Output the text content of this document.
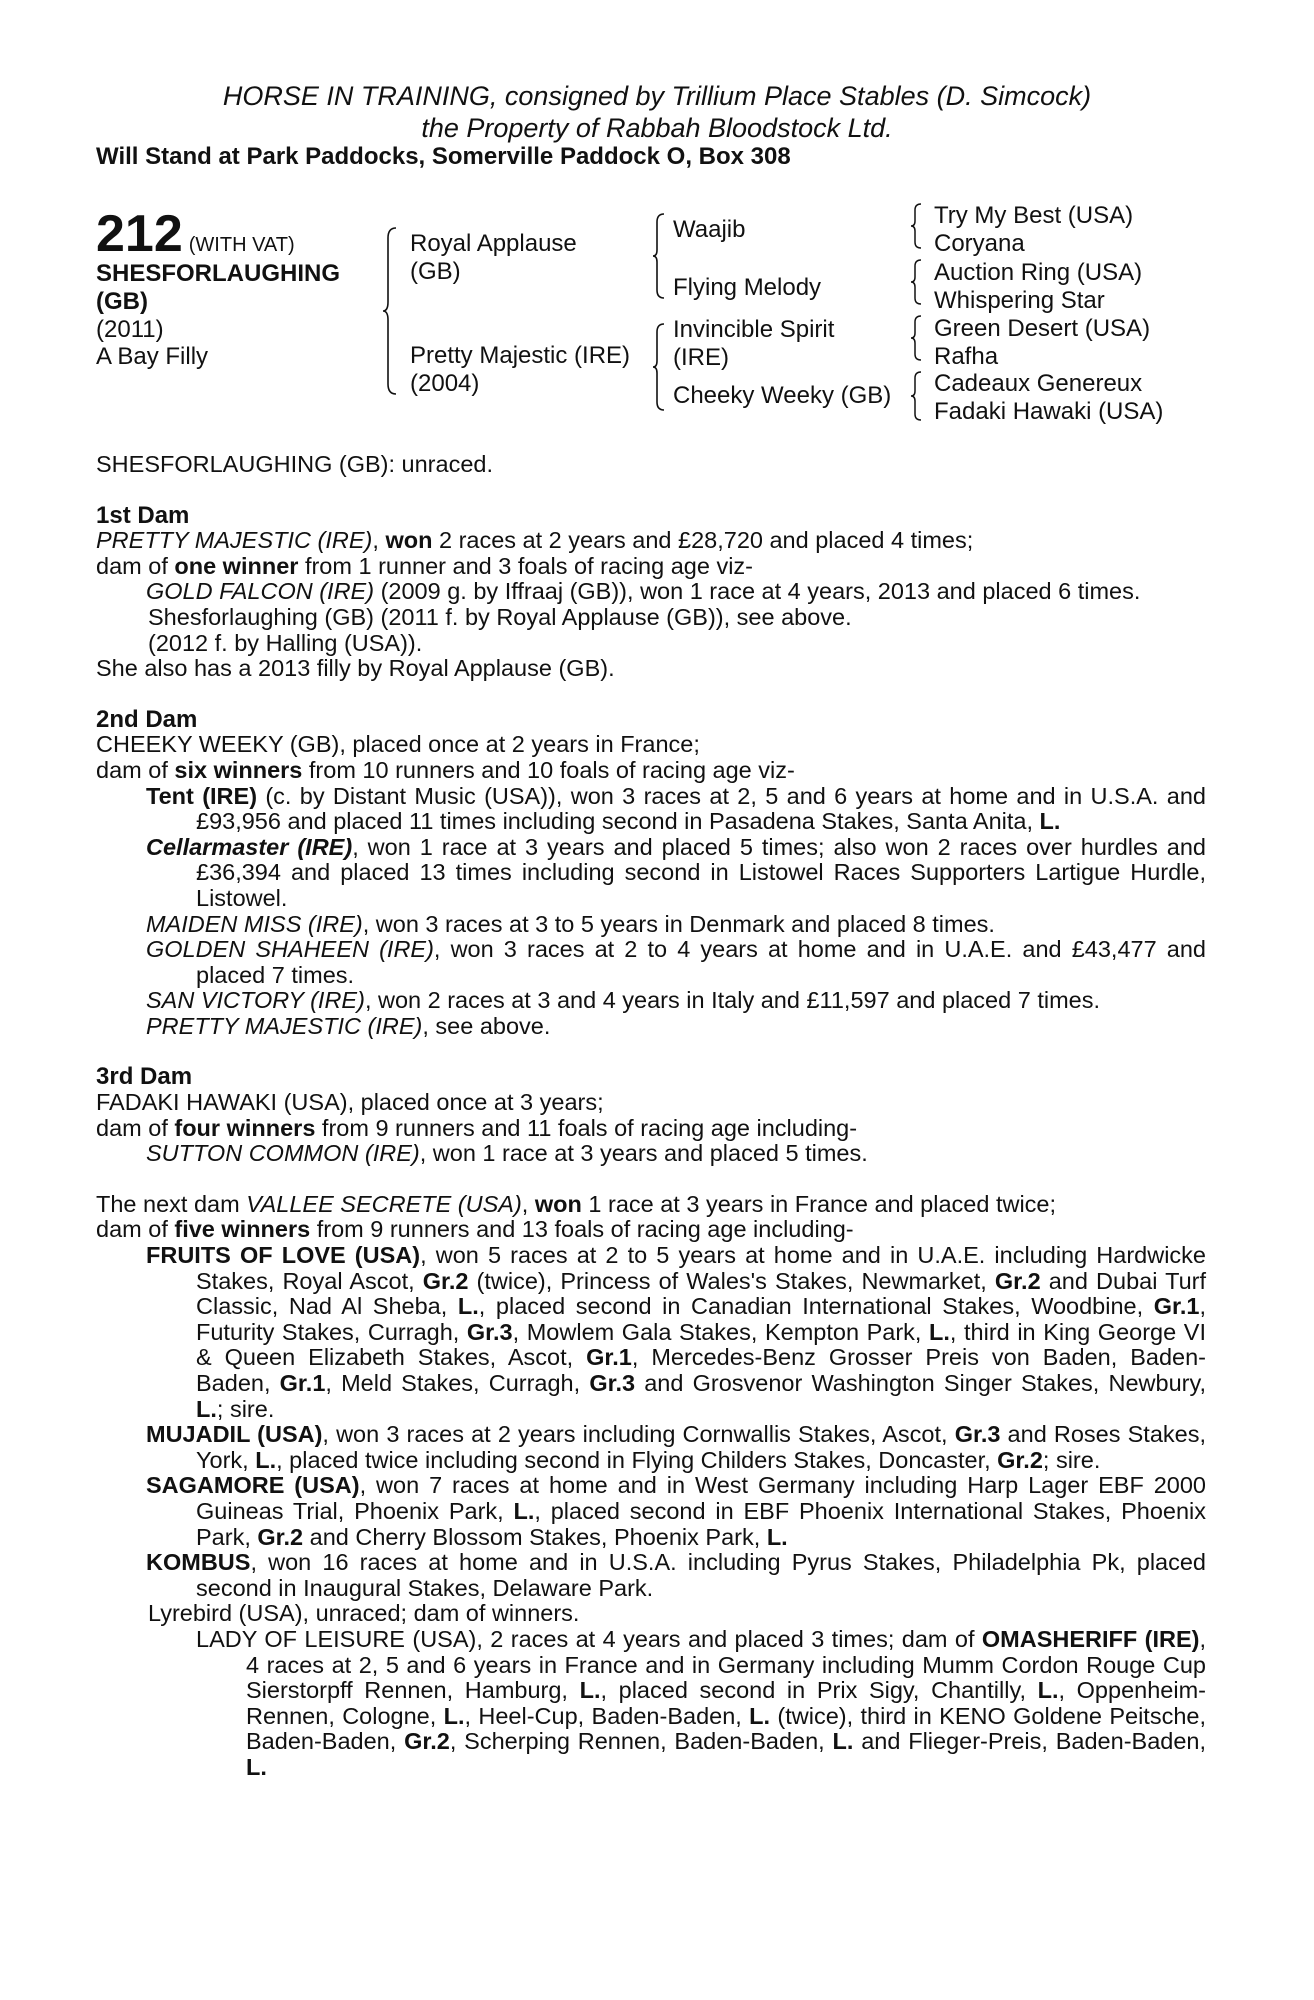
HORSE IN TRAINING, consigned by Trillium Place Stables (D. Simcock)
the Property of Rabbah Bloodstock Ltd.
Will Stand at Park Paddocks, Somerville Paddock O, Box 308
212 (WITH VAT)
SHESFORLAUGHING
(GB)
(2011)
A Bay Filly
Royal Applause
(GB)
Pretty Majestic (IRE)
(2004)
Waajib
Flying Melody
Invincible Spirit
(IRE)
Cheeky Weeky (GB)
Try My Best (USA)
Coryana
Auction Ring (USA)
Whispering Star
Green Desert (USA)
Rafha
Cadeaux Genereux
Fadaki Hawaki (USA)

SHESFORLAUGHING (GB): unraced.

1st Dam

PRETTY MAJESTIC (IRE), won 2 races at 2 years and £28,720 and placed 4 times;

dam of one winner from 1 runner and 3 foals of racing age viz-

GOLD FALCON (IRE) (2009 g. by Iffraaj (GB)), won 1 race at 4 years, 2013 and placed 6 times.

Shesforlaughing (GB) (2011 f. by Royal Applause (GB)), see above.

(2012 f. by Halling (USA)).

She also has a 2013 filly by Royal Applause (GB).

2nd Dam

CHEEKY WEEKY (GB), placed once at 2 years in France;

dam of six winners from 10 runners and 10 foals of racing age viz-

Tent (IRE) (c. by Distant Music (USA)), won 3 races at 2, 5 and 6 years at home and in U.S.A. and £93,956 and placed 11 times including second in Pasadena Stakes, Santa Anita, L.

Cellarmaster (IRE), won 1 race at 3 years and placed 5 times; also won 2 races over hurdles and £36,394 and placed 13 times including second in Listowel Races Supporters Lartigue Hurdle, Listowel.

MAIDEN MISS (IRE), won 3 races at 3 to 5 years in Denmark and placed 8 times.

GOLDEN SHAHEEN (IRE), won 3 races at 2 to 4 years at home and in U.A.E. and £43,477 and placed 7 times.

SAN VICTORY (IRE), won 2 races at 3 and 4 years in Italy and £11,597 and placed 7 times.

PRETTY MAJESTIC (IRE), see above.

3rd Dam

FADAKI HAWAKI (USA), placed once at 3 years;

dam of four winners from 9 runners and 11 foals of racing age including-

SUTTON COMMON (IRE), won 1 race at 3 years and placed 5 times.

The next dam VALLEE SECRETE (USA), won 1 race at 3 years in France and placed twice;

dam of five winners from 9 runners and 13 foals of racing age including-

FRUITS OF LOVE (USA), won 5 races at 2 to 5 years at home and in U.A.E. including Hardwicke Stakes, Royal Ascot, Gr.2 (twice), Princess of Wales's Stakes, Newmarket, Gr.2 and Dubai Turf Classic, Nad Al Sheba, L., placed second in Canadian International Stakes, Woodbine, Gr.1, Futurity Stakes, Curragh, Gr.3, Mowlem Gala Stakes, Kempton Park, L., third in King George VI & Queen Elizabeth Stakes, Ascot, Gr.1, Mercedes-Benz Grosser Preis von Baden, Baden-Baden, Gr.1, Meld Stakes, Curragh, Gr.3 and Grosvenor Washington Singer Stakes, Newbury, L.; sire.

MUJADIL (USA), won 3 races at 2 years including Cornwallis Stakes, Ascot, Gr.3 and Roses Stakes, York, L., placed twice including second in Flying Childers Stakes, Doncaster, Gr.2; sire.

SAGAMORE (USA), won 7 races at home and in West Germany including Harp Lager EBF 2000 Guineas Trial, Phoenix Park, L., placed second in EBF Phoenix International Stakes, Phoenix Park, Gr.2 and Cherry Blossom Stakes, Phoenix Park, L.

KOMBUS, won 16 races at home and in U.S.A. including Pyrus Stakes, Philadelphia Pk, placed second in Inaugural Stakes, Delaware Park.

Lyrebird (USA), unraced; dam of winners.

LADY OF LEISURE (USA), 2 races at 4 years and placed 3 times; dam of OMASHERIFF (IRE), 4 races at 2, 5 and 6 years in France and in Germany including Mumm Cordon Rouge Cup Sierstorpff Rennen, Hamburg, L., placed second in Prix Sigy, Chantilly, L., Oppenheim-Rennen, Cologne, L., Heel-Cup, Baden-Baden, L. (twice), third in KENO Goldene Peitsche, Baden-Baden, Gr.2, Scherping Rennen, Baden-Baden, L. and Flieger-Preis, Baden-Baden, L.
